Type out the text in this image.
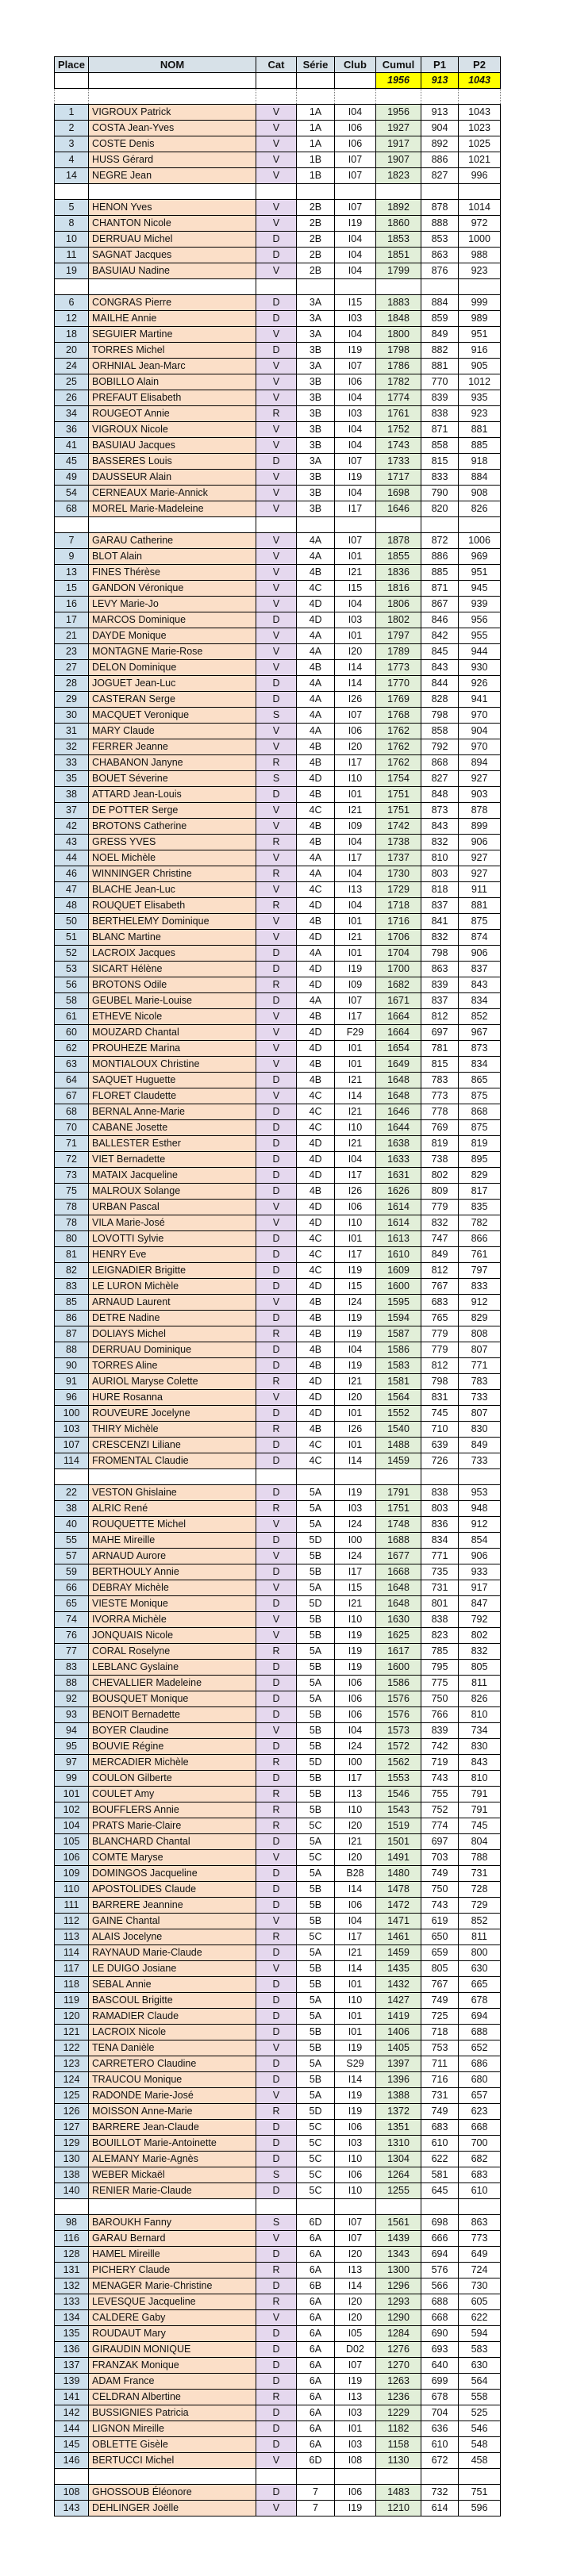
Place	NOM	Cat	Série	Club	Cumul	P1	P2
					1956	913	1043

1	VIGROUX Patrick	V	1A	I04	1956	913	1043
2	COSTA Jean-Yves	V	1A	I06	1927	904	1023
3	COSTE Denis	V	1A	I06	1917	892	1025
4	HUSS Gérard	V	1B	I07	1907	886	1021
14	NEGRE Jean	V	1B	I07	1823	827	996

5	HENON Yves	V	2B	I07	1892	878	1014
8	CHANTON Nicole	V	2B	I19	1860	888	972
10	DERRUAU Michel	D	2B	I04	1853	853	1000
11	SAGNAT Jacques	D	2B	I04	1851	863	988
19	BASUIAU Nadine	V	2B	I04	1799	876	923

6	CONGRAS Pierre	D	3A	I15	1883	884	999
12	MAILHE Annie	D	3A	I03	1848	859	989
18	SEGUIER Martine	V	3A	I04	1800	849	951
20	TORRES Michel	D	3B	I19	1798	882	916
24	ORHNIAL Jean-Marc	V	3A	I07	1786	881	905
25	BOBILLO Alain	V	3B	I06	1782	770	1012
26	PREFAUT Elisabeth	V	3B	I04	1774	839	935
34	ROUGEOT Annie	R	3B	I03	1761	838	923
36	VIGROUX Nicole	V	3B	I04	1752	871	881
41	BASUIAU Jacques	V	3B	I04	1743	858	885
45	BASSERES Louis	D	3A	I07	1733	815	918
49	DAUSSEUR Alain	V	3B	I19	1717	833	884
54	CERNEAUX Marie-Annick	V	3B	I04	1698	790	908
68	MOREL Marie-Madeleine	V	3B	I17	1646	820	826

7	GARAU Catherine	V	4A	I07	1878	872	1006
9	BLOT Alain	V	4A	I01	1855	886	969
13	FINES Thérèse	V	4B	I21	1836	885	951
15	GANDON Véronique	V	4C	I15	1816	871	945
16	LEVY Marie-Jo	V	4D	I04	1806	867	939
17	MARCOS Dominique	D	4D	I03	1802	846	956
21	DAYDE Monique	V	4A	I01	1797	842	955
23	MONTAGNE Marie-Rose	V	4A	I20	1789	845	944
27	DELON Dominique	V	4B	I14	1773	843	930
28	JOGUET Jean-Luc	D	4A	I14	1770	844	926
29	CASTERAN Serge	D	4A	I26	1769	828	941
30	MACQUET Veronique	S	4A	I07	1768	798	970
31	MARY Claude	V	4A	I06	1762	858	904
32	FERRER Jeanne	V	4B	I20	1762	792	970
33	CHABANON Janyne	R	4B	I17	1762	868	894
35	BOUET Séverine	S	4D	I10	1754	827	927
38	ATTARD Jean-Louis	D	4B	I01	1751	848	903
37	DE POTTER Serge	V	4C	I21	1751	873	878
42	BROTONS Catherine	V	4B	I09	1742	843	899
43	GRESS YVES	R	4B	I04	1738	832	906
44	NOEL Michèle	V	4A	I17	1737	810	927
46	WINNINGER Christine	R	4A	I04	1730	803	927
47	BLACHE Jean-Luc	V	4C	I13	1729	818	911
48	ROUQUET Elisabeth	R	4D	I04	1718	837	881
50	BERTHELEMY Dominique	V	4B	I01	1716	841	875
51	BLANC Martine	V	4D	I21	1706	832	874
52	LACROIX Jacques	D	4A	I01	1704	798	906
53	SICART Hélène	D	4D	I19	1700	863	837
56	BROTONS Odile	R	4D	I09	1682	839	843
58	GEUBEL Marie-Louise	D	4A	I07	1671	837	834
61	ETHEVE Nicole	V	4B	I17	1664	812	852
60	MOUZARD Chantal	V	4D	F29	1664	697	967
62	PROUHEZE Marina	V	4D	I01	1654	781	873
63	MONTIALOUX Christine	V	4B	I01	1649	815	834
64	SAQUET Huguette	D	4B	I21	1648	783	865
67	FLORET Claudette	V	4C	I14	1648	773	875
68	BERNAL Anne-Marie	D	4C	I21	1646	778	868
70	CABANE Josette	D	4C	I10	1644	769	875
71	BALLESTER Esther	D	4D	I21	1638	819	819
72	VIET Bernadette	D	4D	I04	1633	738	895
73	MATAIX Jacqueline	D	4D	I17	1631	802	829
75	MALROUX Solange	D	4B	I26	1626	809	817
78	URBAN Pascal	V	4D	I06	1614	779	835
78	VILA Marie-José	V	4D	I10	1614	832	782
80	LOVOTTI Sylvie	D	4C	I01	1613	747	866
81	HENRY Eve	D	4C	I17	1610	849	761
82	LEIGNADIER Brigitte	D	4C	I19	1609	812	797
83	LE LURON Michèle	D	4D	I15	1600	767	833
85	ARNAUD Laurent	V	4B	I24	1595	683	912
86	DETRE Nadine	D	4B	I19	1594	765	829
87	DOLIAYS Michel	R	4B	I19	1587	779	808
88	DERRUAU Dominique	D	4B	I04	1586	779	807
90	TORRES Aline	D	4B	I19	1583	812	771
91	AURIOL Maryse Colette	R	4D	I21	1581	798	783
96	HURE Rosanna	V	4D	I20	1564	831	733
100	ROUVEURE Jocelyne	D	4D	I01	1552	745	807
103	THIRY Michèle	R	4B	I26	1540	710	830
107	CRESCENZI Liliane	D	4C	I01	1488	639	849
114	FROMENTAL Claudie	D	4C	I14	1459	726	733

22	VESTON Ghislaine	D	5A	I19	1791	838	953
38	ALRIC René	R	5A	I03	1751	803	948
40	ROUQUETTE Michel	V	5A	I24	1748	836	912
55	MAHE Mireille	D	5D	I00	1688	834	854
57	ARNAUD Aurore	V	5B	I24	1677	771	906
59	BERTHOULY Annie	D	5B	I17	1668	735	933
66	DEBRAY Michèle	V	5A	I15	1648	731	917
65	VIESTE Monique	D	5D	I21	1648	801	847
74	IVORRA Michèle	V	5B	I10	1630	838	792
76	JONQUAIS Nicole	V	5B	I19	1625	823	802
77	CORAL Roselyne	R	5A	I19	1617	785	832
83	LEBLANC Gyslaine	D	5B	I19	1600	795	805
88	CHEVALLIER Madeleine	D	5A	I06	1586	775	811
92	BOUSQUET Monique	D	5A	I06	1576	750	826
93	BENOIT Bernadette	D	5B	I06	1576	766	810
94	BOYER Claudine	V	5B	I04	1573	839	734
95	BOUVIE Régine	D	5B	I24	1572	742	830
97	MERCADIER Michèle	R	5D	I00	1562	719	843
99	COULON Gilberte	D	5B	I17	1553	743	810
101	COULET Amy	R	5B	I13	1546	755	791
102	BOUFFLERS Annie	R	5B	I10	1543	752	791
104	PRATS Marie-Claire	R	5C	I20	1519	774	745
105	BLANCHARD Chantal	D	5A	I21	1501	697	804
106	COMTE Maryse	V	5C	I20	1491	703	788
109	DOMINGOS Jacqueline	D	5A	B28	1480	749	731
110	APOSTOLIDES Claude	D	5B	I14	1478	750	728
111	BARRERE Jeannine	D	5B	I06	1472	743	729
112	GAINE Chantal	V	5B	I04	1471	619	852
113	ALAIS Jocelyne	R	5C	I17	1461	650	811
114	RAYNAUD Marie-Claude	D	5A	I21	1459	659	800
117	LE DUIGO Josiane	V	5B	I14	1435	805	630
118	SEBAL Annie	D	5B	I01	1432	767	665
119	BASCOUL Brigitte	D	5A	I10	1427	749	678
120	RAMADIER Claude	D	5A	I01	1419	725	694
121	LACROIX Nicole	D	5B	I01	1406	718	688
122	TENA Danièle	V	5B	I19	1405	753	652
123	CARRETERO Claudine	D	5A	S29	1397	711	686
124	TRAUCOU Monique	D	5B	I14	1396	716	680
125	RADONDE Marie-José	V	5A	I19	1388	731	657
126	MOISSON Anne-Marie	R	5D	I19	1372	749	623
127	BARRERE Jean-Claude	D	5C	I06	1351	683	668
129	BOUILLOT Marie-Antoinette	D	5C	I03	1310	610	700
130	ALEMANY Marie-Agnès	D	5C	I10	1304	622	682
138	WEBER Mickaël	S	5C	I06	1264	581	683
140	RENIER Marie-Claude	D	5C	I10	1255	645	610

98	BAROUKH Fanny	S	6D	I07	1561	698	863
116	GARAU Bernard	V	6A	I07	1439	666	773
128	HAMEL Mireille	D	6A	I20	1343	694	649
131	PICHERY Claude	R	6A	I13	1300	576	724
132	MENAGER Marie-Christine	D	6B	I14	1296	566	730
133	LEVESQUE Jacqueline	R	6A	I20	1293	688	605
134	CALDERE Gaby	V	6A	I20	1290	668	622
135	ROUDAUT Mary	D	6A	I05	1284	690	594
136	GIRAUDIN MONIQUE	D	6A	D02	1276	693	583
137	FRANZAK Monique	D	6A	I07	1270	640	630
139	ADAM France	D	6A	I19	1263	699	564
141	CELDRAN Albertine	R	6A	I13	1236	678	558
142	BUSSIGNIES Patricia	D	6A	I03	1229	704	525
144	LIGNON Mireille	D	6A	I01	1182	636	546
145	OBLETTE Gisèle	D	6A	I03	1158	610	548
146	BERTUCCI Michel	V	6D	I08	1130	672	458

108	GHOSSOUB Éléonore	D	7	I06	1483	732	751
143	DEHLINGER Joëlle	V	7	I19	1210	614	596
